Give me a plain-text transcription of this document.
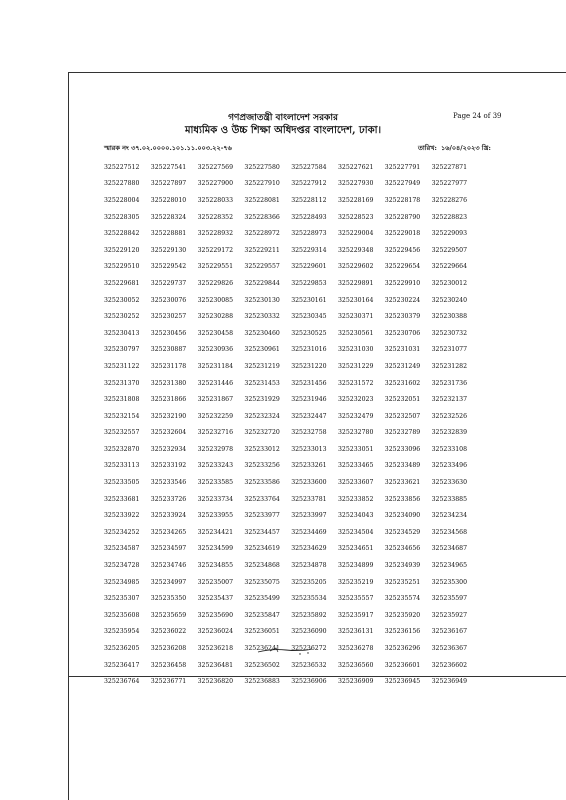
গণপ্রজাতন্ত্রী বাংলাদেশ সরকার	Page 24 of 39
মাধ্যমিক ও উচ্চ শিক্ষা অধিদপ্তর বাংলাদেশ, ঢাকা।
স্মারক নং ৩৭.০২.০০০০.১০১.১১.০০৩.২২-৭৬	তারিখ: ১৬/০৪/২০২৩ খ্রি:
325227512	325227541	325227569	325227580	325227584	325227621	325227791	325227871
325227880	325227897	325227900	325227910	325227912	325227930	325227949	325227977
325228004	325228010	325228033	325228081	325228112	325228169	325228178	325228276
325228305	325228324	325228352	325228366	325228493	325228523	325228790	325228823
325228842	325228881	325228932	325228972	325228973	325229004	325229018	325229093
325229120	325229130	325229172	325229211	325229314	325229348	325229456	325229507
325229510	325229542	325229551	325229557	325229601	325229602	325229654	325229664
325229681	325229737	325229826	325229844	325229853	325229891	325229910	325230012
325230052	325230076	325230085	325230130	325230161	325230164	325230224	325230240
325230252	325230257	325230288	325230332	325230345	325230371	325230379	325230388
325230413	325230456	325230458	325230460	325230525	325230561	325230706	325230732
325230797	325230887	325230936	325230961	325231016	325231030	325231031	325231077
325231122	325231178	325231184	325231219	325231220	325231229	325231249	325231282
325231370	325231380	325231446	325231453	325231456	325231572	325231602	325231736
325231808	325231866	325231867	325231929	325231946	325232023	325232051	325232137
325232154	325232190	325232259	325232324	325232447	325232479	325232507	325232526
325232557	325232604	325232716	325232720	325232758	325232780	325232789	325232839
325232870	325232934	325232978	325233012	325233013	325233051	325233096	325233108
325233113	325233192	325233243	325233256	325233261	325233465	325233489	325233496
325233505	325233546	325233585	325233586	325233600	325233607	325233621	325233630
325233681	325233726	325233734	325233764	325233781	325233852	325233856	325233885
325233922	325233924	325233955	325233977	325233997	325234043	325234090	325234234
325234252	325234265	325234421	325234457	325234469	325234504	325234529	325234568
325234587	325234597	325234599	325234619	325234629	325234651	325234656	325234687
325234728	325234746	325234855	325234868	325234878	325234899	325234939	325234965
325234985	325234997	325235007	325235075	325235205	325235219	325235251	325235300
325235307	325235350	325235437	325235499	325235534	325235557	325235574	325235597
325235608	325235659	325235690	325235847	325235892	325235917	325235920	325235927
325235954	325236022	325236024	325236051	325236090	325236131	325236156	325236167
325236205	325236208	325236218	325236241	325236272	325236278	325236296	325236367
325236417	325236458	325236481	325236502	325236532	325236560	325236601	325236602
325236764	325236771	325236820	325236883	325236906	325236909	325236945	325236949
